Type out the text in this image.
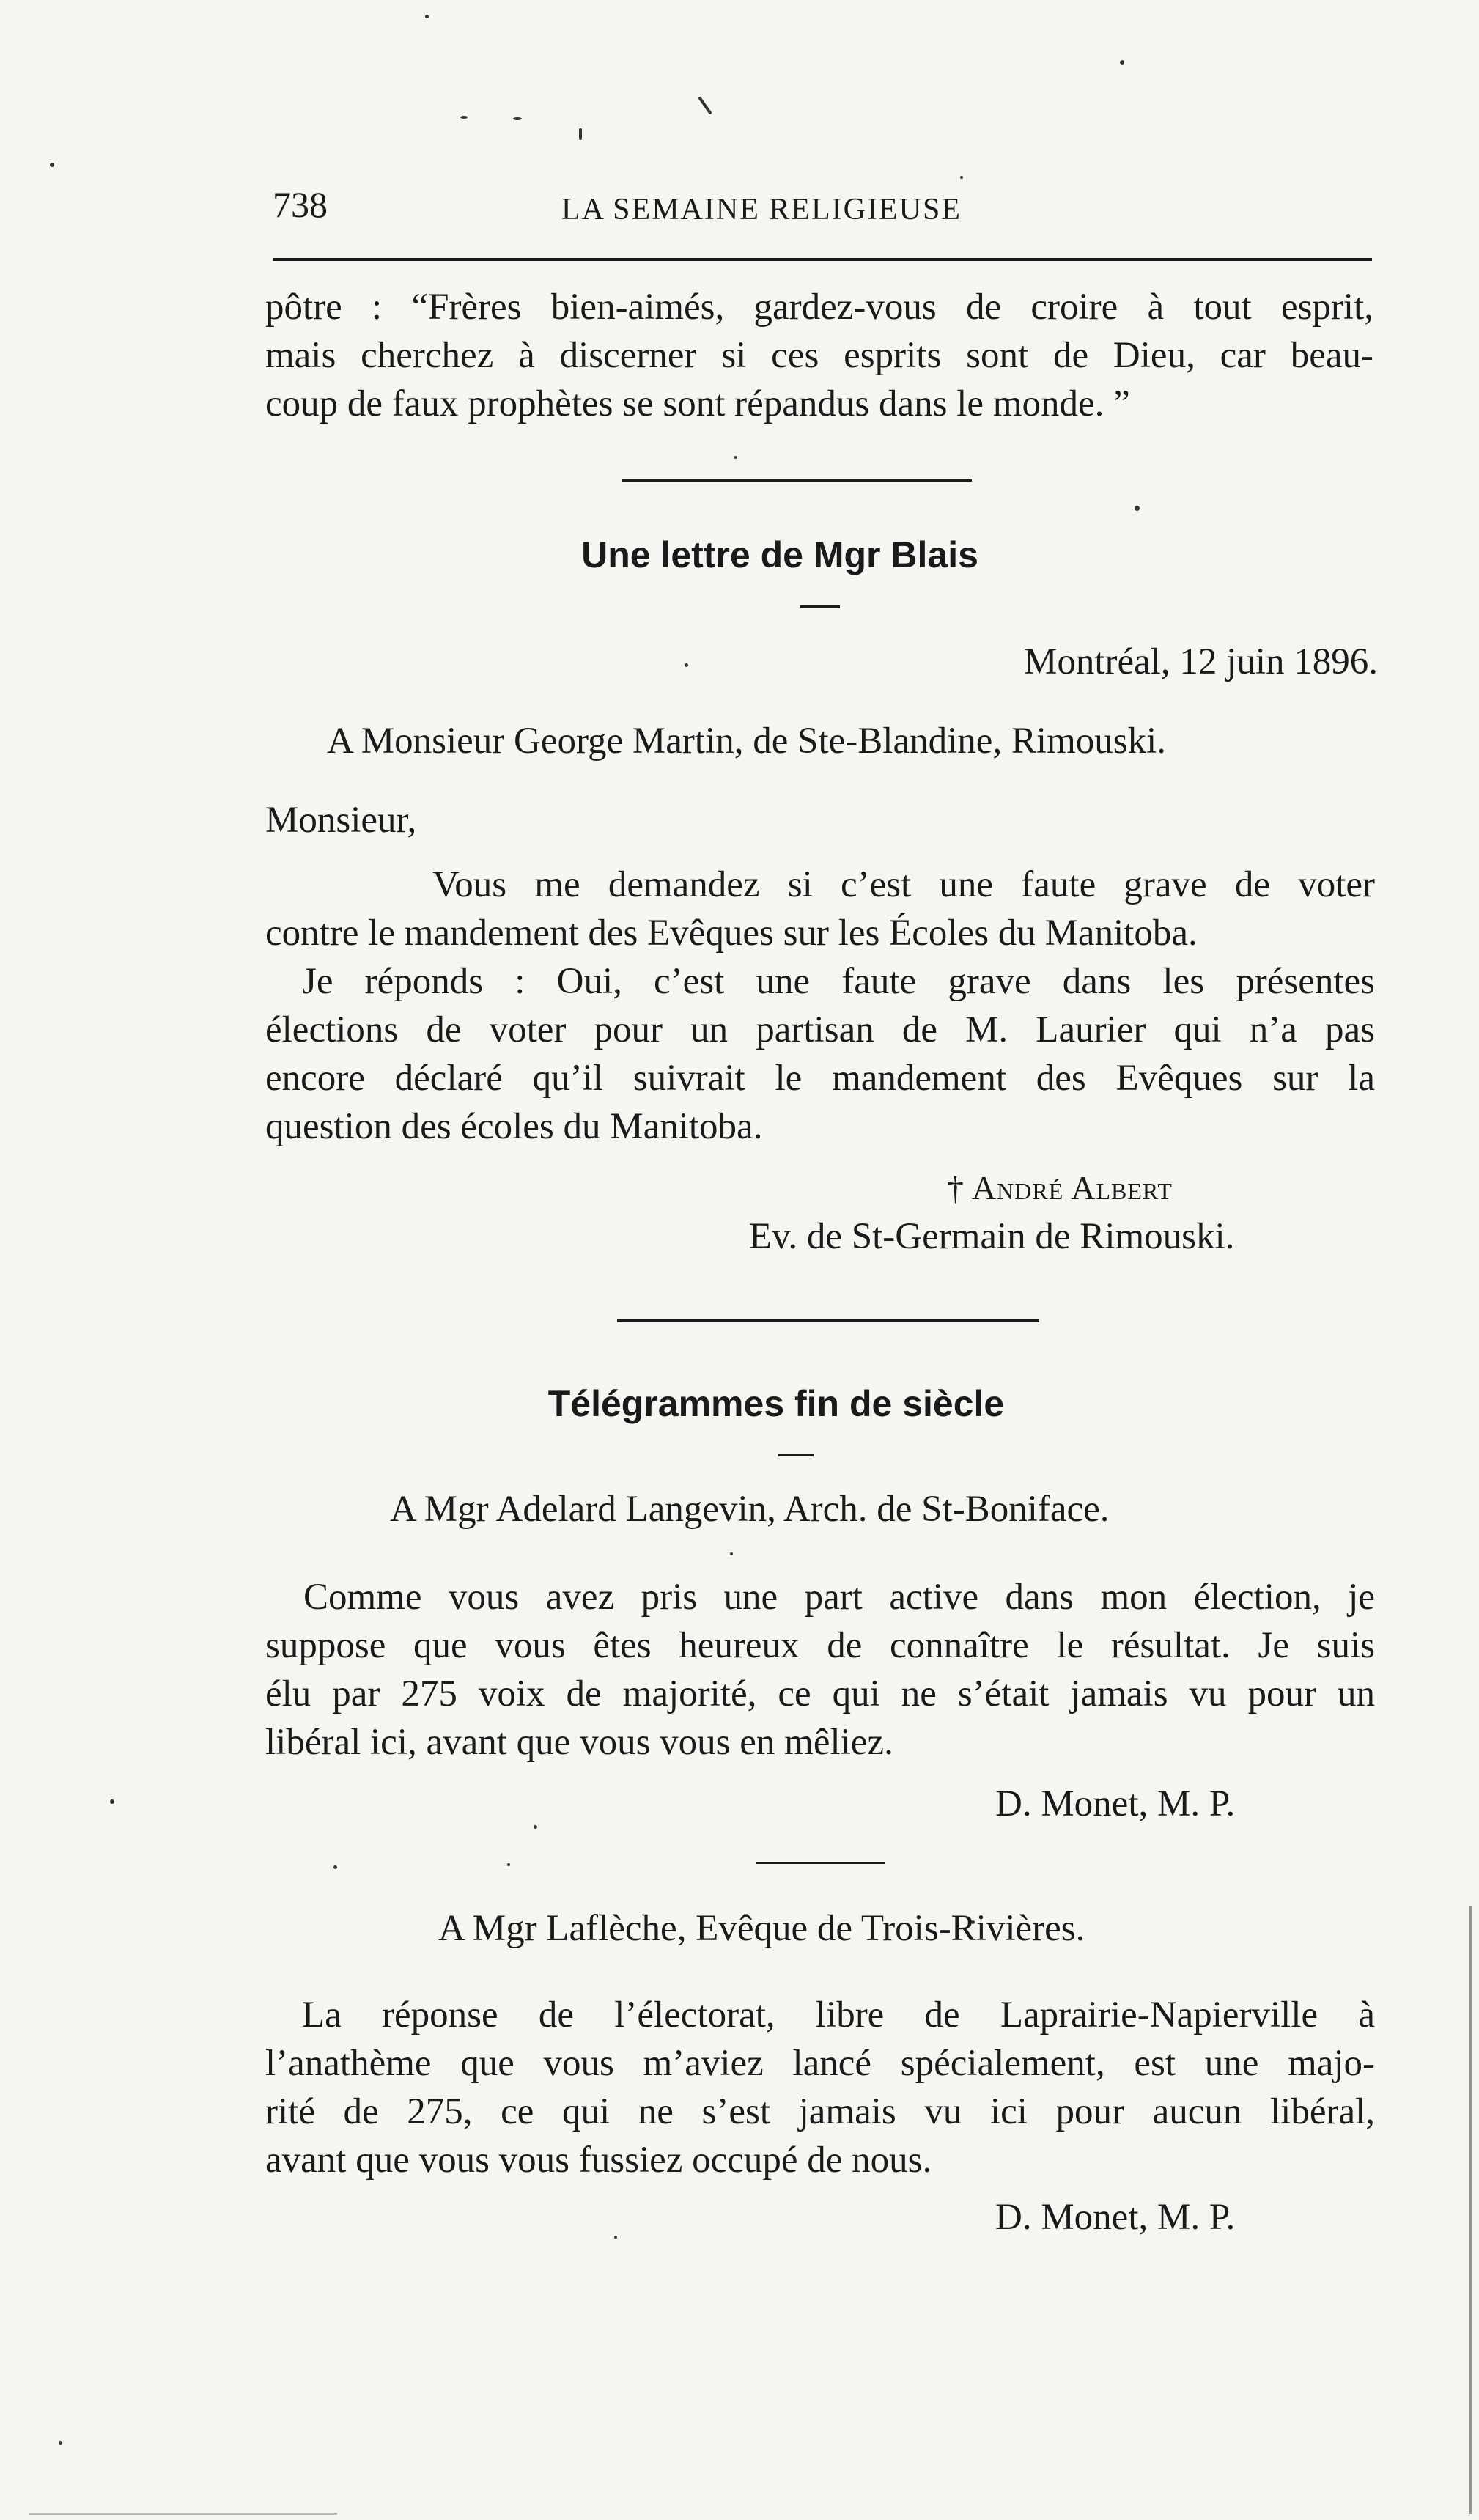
738	LA SEMAINE RELIGIEUSE
pôtre : “Frères bien-aimés, gardez-vous de croire à tout esprit,
mais cherchez à discerner si ces esprits sont de Dieu, car beau-
coup de faux prophètes se sont répandus dans le monde. ”
Une lettre de Mgr Blais
Montréal, 12 juin 1896.
A Monsieur George Martin, de Ste-Blandine, Rimouski.
Monsieur,
Vous me demandez si c’est une faute grave de voter
contre le mandement des Evêques sur les Écoles du Manitoba.
Je réponds : Oui, c’est une faute grave dans les présentes
élections de voter pour un partisan de M. Laurier qui n’a pas
encore déclaré qu’il suivrait le mandement des Evêques sur la
question des écoles du Manitoba.
† André Albert
Ev. de St-Germain de Rimouski.
Télégrammes fin de siècle
A Mgr Adelard Langevin, Arch. de St-Boniface.
Comme vous avez pris une part active dans mon élection, je
suppose que vous êtes heureux de connaître le résultat. Je suis
élu par 275 voix de majorité, ce qui ne s’était jamais vu pour un
libéral ici, avant que vous vous en mêliez.
D. Monet, M. P.
A Mgr Laflèche, Evêque de Trois-Rivières.
La réponse de l’électorat, libre de Laprairie-Napierville à
l’anathème que vous m’aviez lancé spécialement, est une majo-
rité de 275, ce qui ne s’est jamais vu ici pour aucun libéral,
avant que vous vous fussiez occupé de nous.
D. Monet, M. P.
